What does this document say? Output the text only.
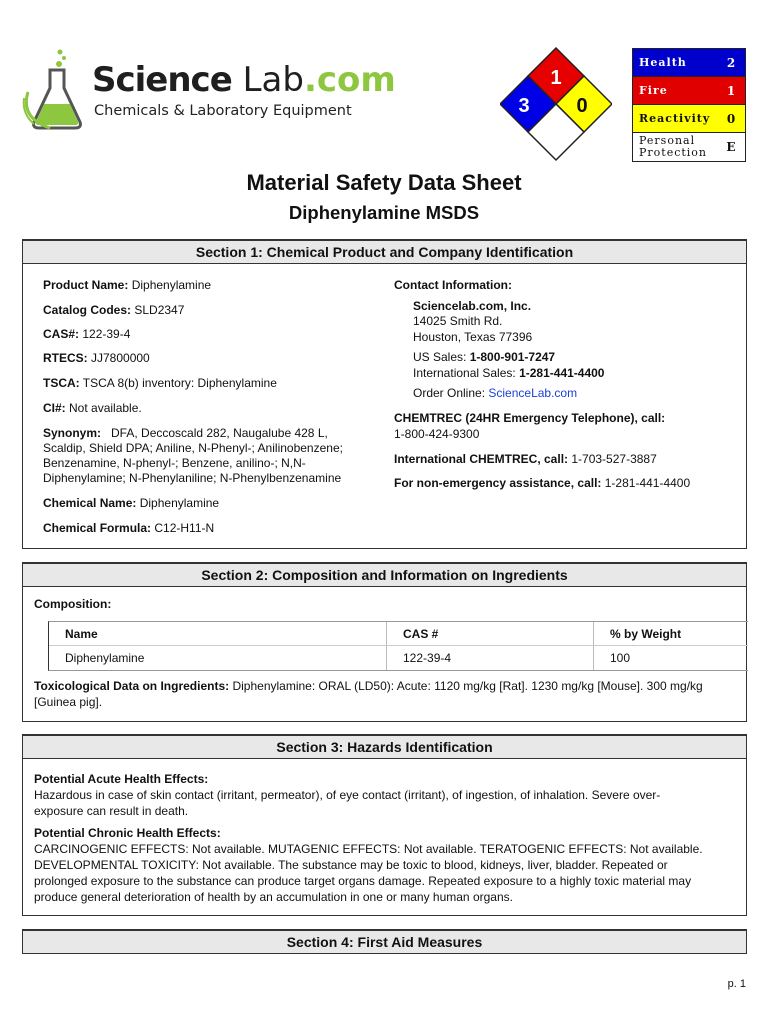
Science Lab.com
Chemicals & Laboratory Equipment
1
3 0
Health	2
Fire	1
Reactivity	0
Personal Protection	E
Material Safety Data Sheet
Diphenylamine MSDS
Section 1: Chemical Product and Company Identification
Product Name: Diphenylamine
Catalog Codes: SLD2347
CAS#: 122-39-4
RTECS: JJ7800000
TSCA: TSCA 8(b) inventory: Diphenylamine
CI#: Not available.
Synonym:   DFA, Deccoscald 282, Naugalube 428 L,
Scaldip, Shield DPA; Aniline, N-Phenyl-; Anilinobenzene;
Benzenamine, N-phenyl-; Benzene, anilino-; N,N-
Diphenylamine; N-Phenylaniline; N-Phenylbenzenamine
Chemical Name: Diphenylamine
Chemical Formula: C12-H11-N
Contact Information:
Sciencelab.com, Inc.
14025 Smith Rd.
Houston, Texas 77396
US Sales: 1-800-901-7247
International Sales: 1-281-441-4400
Order Online: ScienceLab.com
CHEMTREC (24HR Emergency Telephone), call:
1-800-424-9300
International CHEMTREC, call: 1-703-527-3887
For non-emergency assistance, call: 1-281-441-4400
Section 2: Composition and Information on Ingredients
Composition:
Name	CAS #	% by Weight
Diphenylamine	122-39-4	100
Toxicological Data on Ingredients: Diphenylamine: ORAL (LD50): Acute: 1120 mg/kg [Rat]. 1230 mg/kg [Mouse]. 300 mg/kg
[Guinea pig].
Section 3: Hazards Identification
Potential Acute Health Effects:
Hazardous in case of skin contact (irritant, permeator), of eye contact (irritant), of ingestion, of inhalation. Severe over-
exposure can result in death.
Potential Chronic Health Effects:
CARCINOGENIC EFFECTS: Not available. MUTAGENIC EFFECTS: Not available. TERATOGENIC EFFECTS: Not available.
DEVELOPMENTAL TOXICITY: Not available. The substance may be toxic to blood, kidneys, liver, bladder. Repeated or
prolonged exposure to the substance can produce target organs damage. Repeated exposure to a highly toxic material may
produce general deterioration of health by an accumulation in one or many human organs.
Section 4: First Aid Measures
p. 1
